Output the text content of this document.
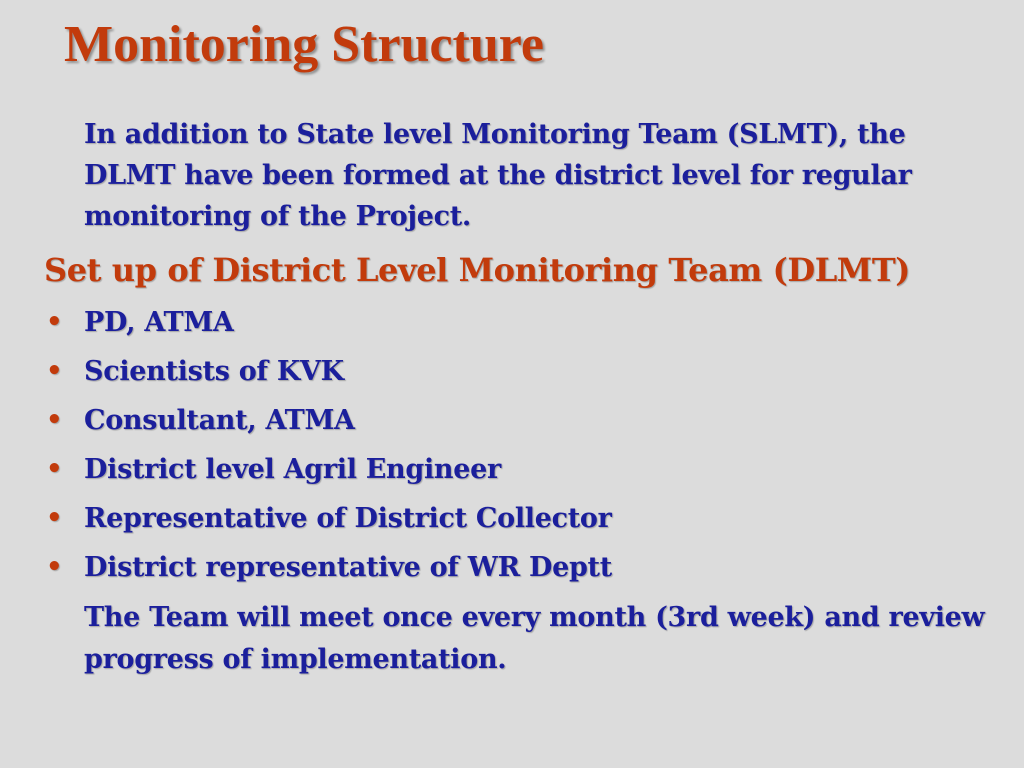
Monitoring Structure

In addition to State level Monitoring Team (SLMT), the DLMT have been formed at the district level for regular monitoring of the Project.

Set up of District Level Monitoring Team (DLMT)
• PD, ATMA
• Scientists of KVK
• Consultant, ATMA
• District level Agril Engineer
• Representative of District Collector
• District representative of WR Deptt

The Team will meet once every month (3rd week) and review progress of implementation.
